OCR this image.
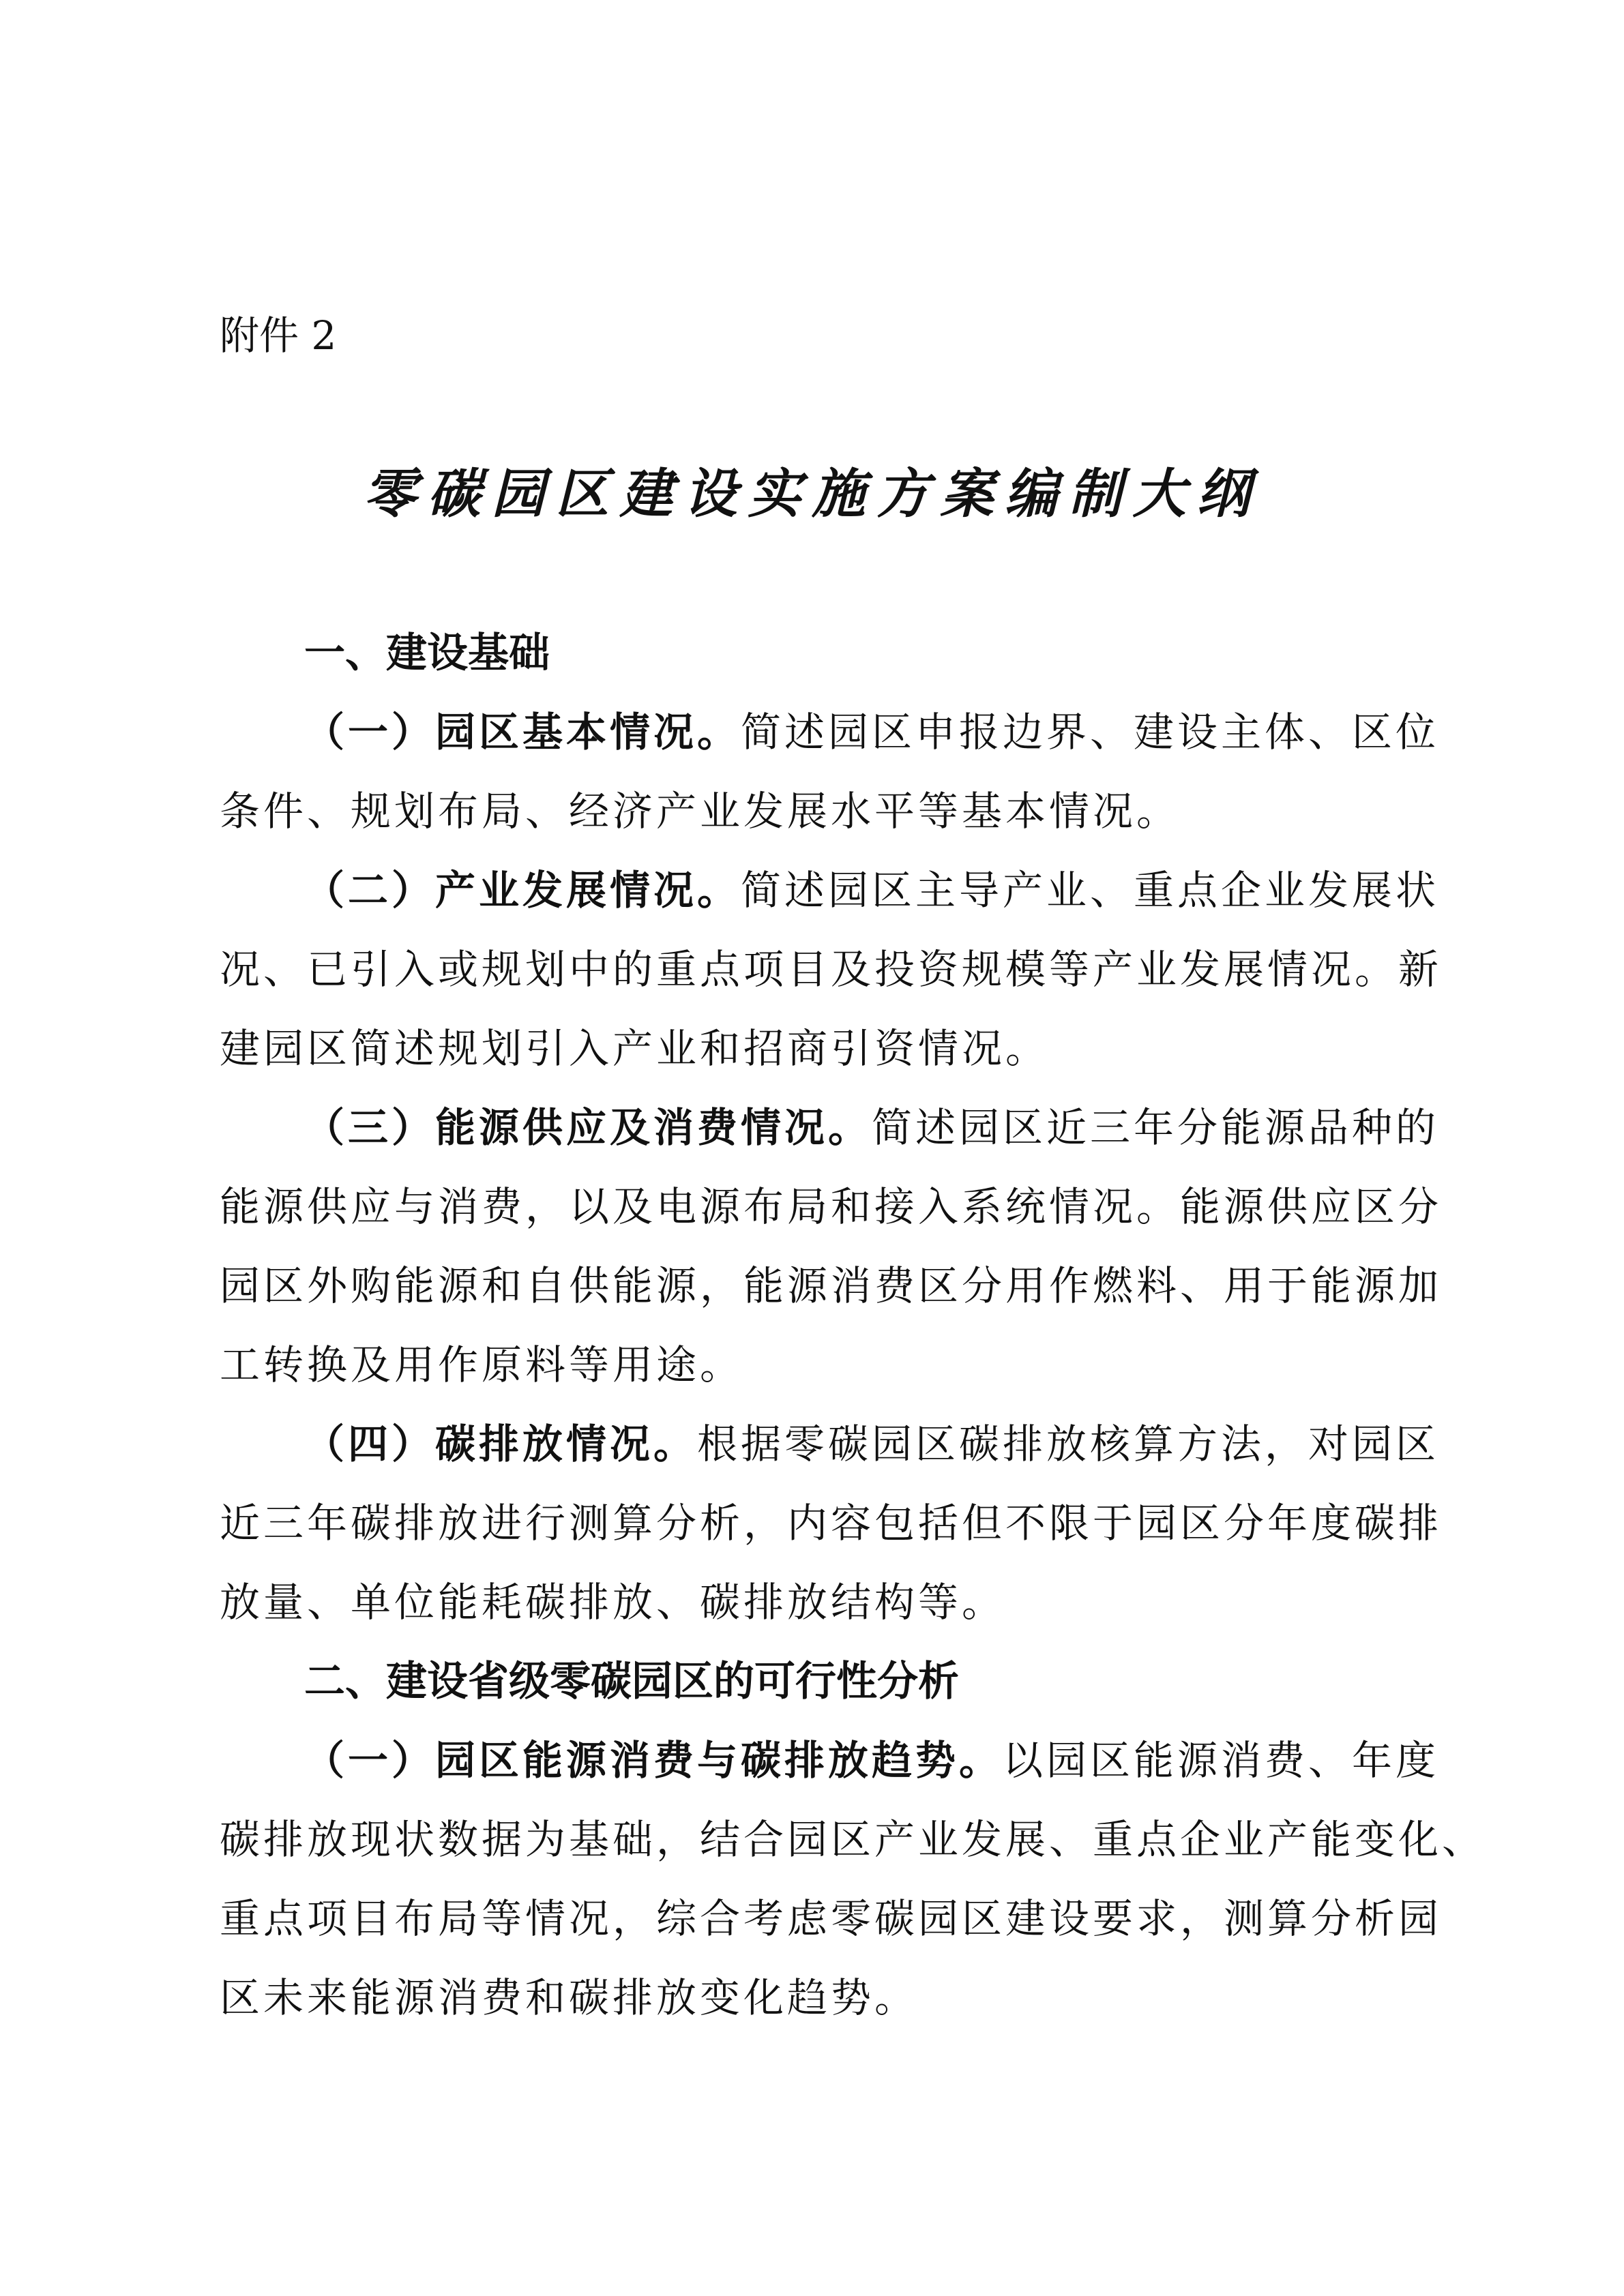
附件 2
零碳园区建设实施方案编制大纲
一、建设基础

（一）园区基本情况。简述园区申报边界、建设主体、区位
条件、规划布局、经济产业发展水平等基本情况。

（二）产业发展情况。简述园区主导产业、重点企业发展状
况、已引入或规划中的重点项目及投资规模等产业发展情况。新
建园区简述规划引入产业和招商引资情况。

（三）能源供应及消费情况。简述园区近三年分能源品种的
能源供应与消费，以及电源布局和接入系统情况。能源供应区分
园区外购能源和自供能源，能源消费区分用作燃料、用于能源加
工转换及用作原料等用途。

（四）碳排放情况。根据零碳园区碳排放核算方法，对园区
近三年碳排放进行测算分析，内容包括但不限于园区分年度碳排
放量、单位能耗碳排放、碳排放结构等。

二、建设省级零碳园区的可行性分析

（一）园区能源消费与碳排放趋势。以园区能源消费、年度
碳排放现状数据为基础，结合园区产业发展、重点企业产能变化、
重点项目布局等情况，综合考虑零碳园区建设要求，测算分析园
区未来能源消费和碳排放变化趋势。
